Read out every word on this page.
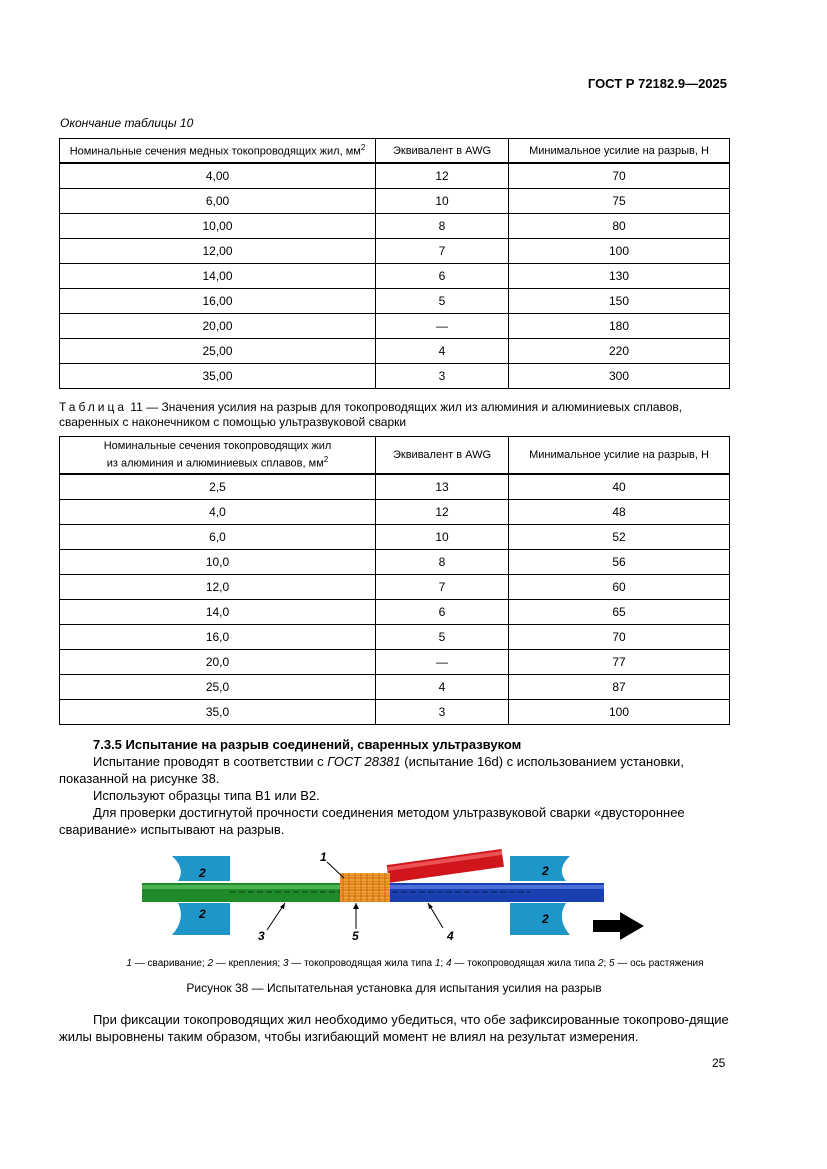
ГОСТ Р 72182.9—2025
Окончание таблицы 10
Номинальные сечения медных токопроводящих жил, $мм^2$	Эквивалент в AWG	Минимальное усилие на разрыв, Н
4,00	12	70
6,00	10	75
10,00	8	80
12,00	7	100
14,00	6	130
16,00	5	150
20,00	—	180
25,00	4	220
35,00	3	300
Таблица 11 — Значения усилия на разрыв для токопроводящих жил из алюминия и алюминиевых сплавов, сваренных с наконечником с помощью ультразвуковой сварки
Номинальные сечения токопроводящих жил
из алюминия и алюминиевых сплавов, $мм^2$	Эквивалент в AWG	Минимальное усилие на разрыв, Н
2,5	13	40
4,0	12	48
6,0	10	52
10,0	8	56
12,0	7	60
14,0	6	65
16,0	5	70
20,0	—	77
25,0	4	87
35,0	3	100
7.3.5 Испытание на разрыв соединений, сваренных ультразвуком
Испытание проводят в соответствии с ГОСТ 28381 (испытание 16d) с использованием установки, показанной на рисунке 38.
Используют образцы типа B1 или B2.
Для проверки достигнутой прочности соединения методом ультразвуковой сварки «двустороннее сваривание» испытывают на разрыв.
2
2
2
2
1
3	5	4
1 — сваривание; 2 — крепления; 3 — токопроводящая жила типа 1; 4 — токопроводящая жила типа 2; 5 — ось растяжения
Рисунок 38 — Испытательная установка для испытания усилия на разрыв
При фиксации токопроводящих жил необходимо убедиться, что обе зафиксированные токопрово-дящие жилы выровнены таким образом, чтобы изгибающий момент не влиял на результат измерения.
25
